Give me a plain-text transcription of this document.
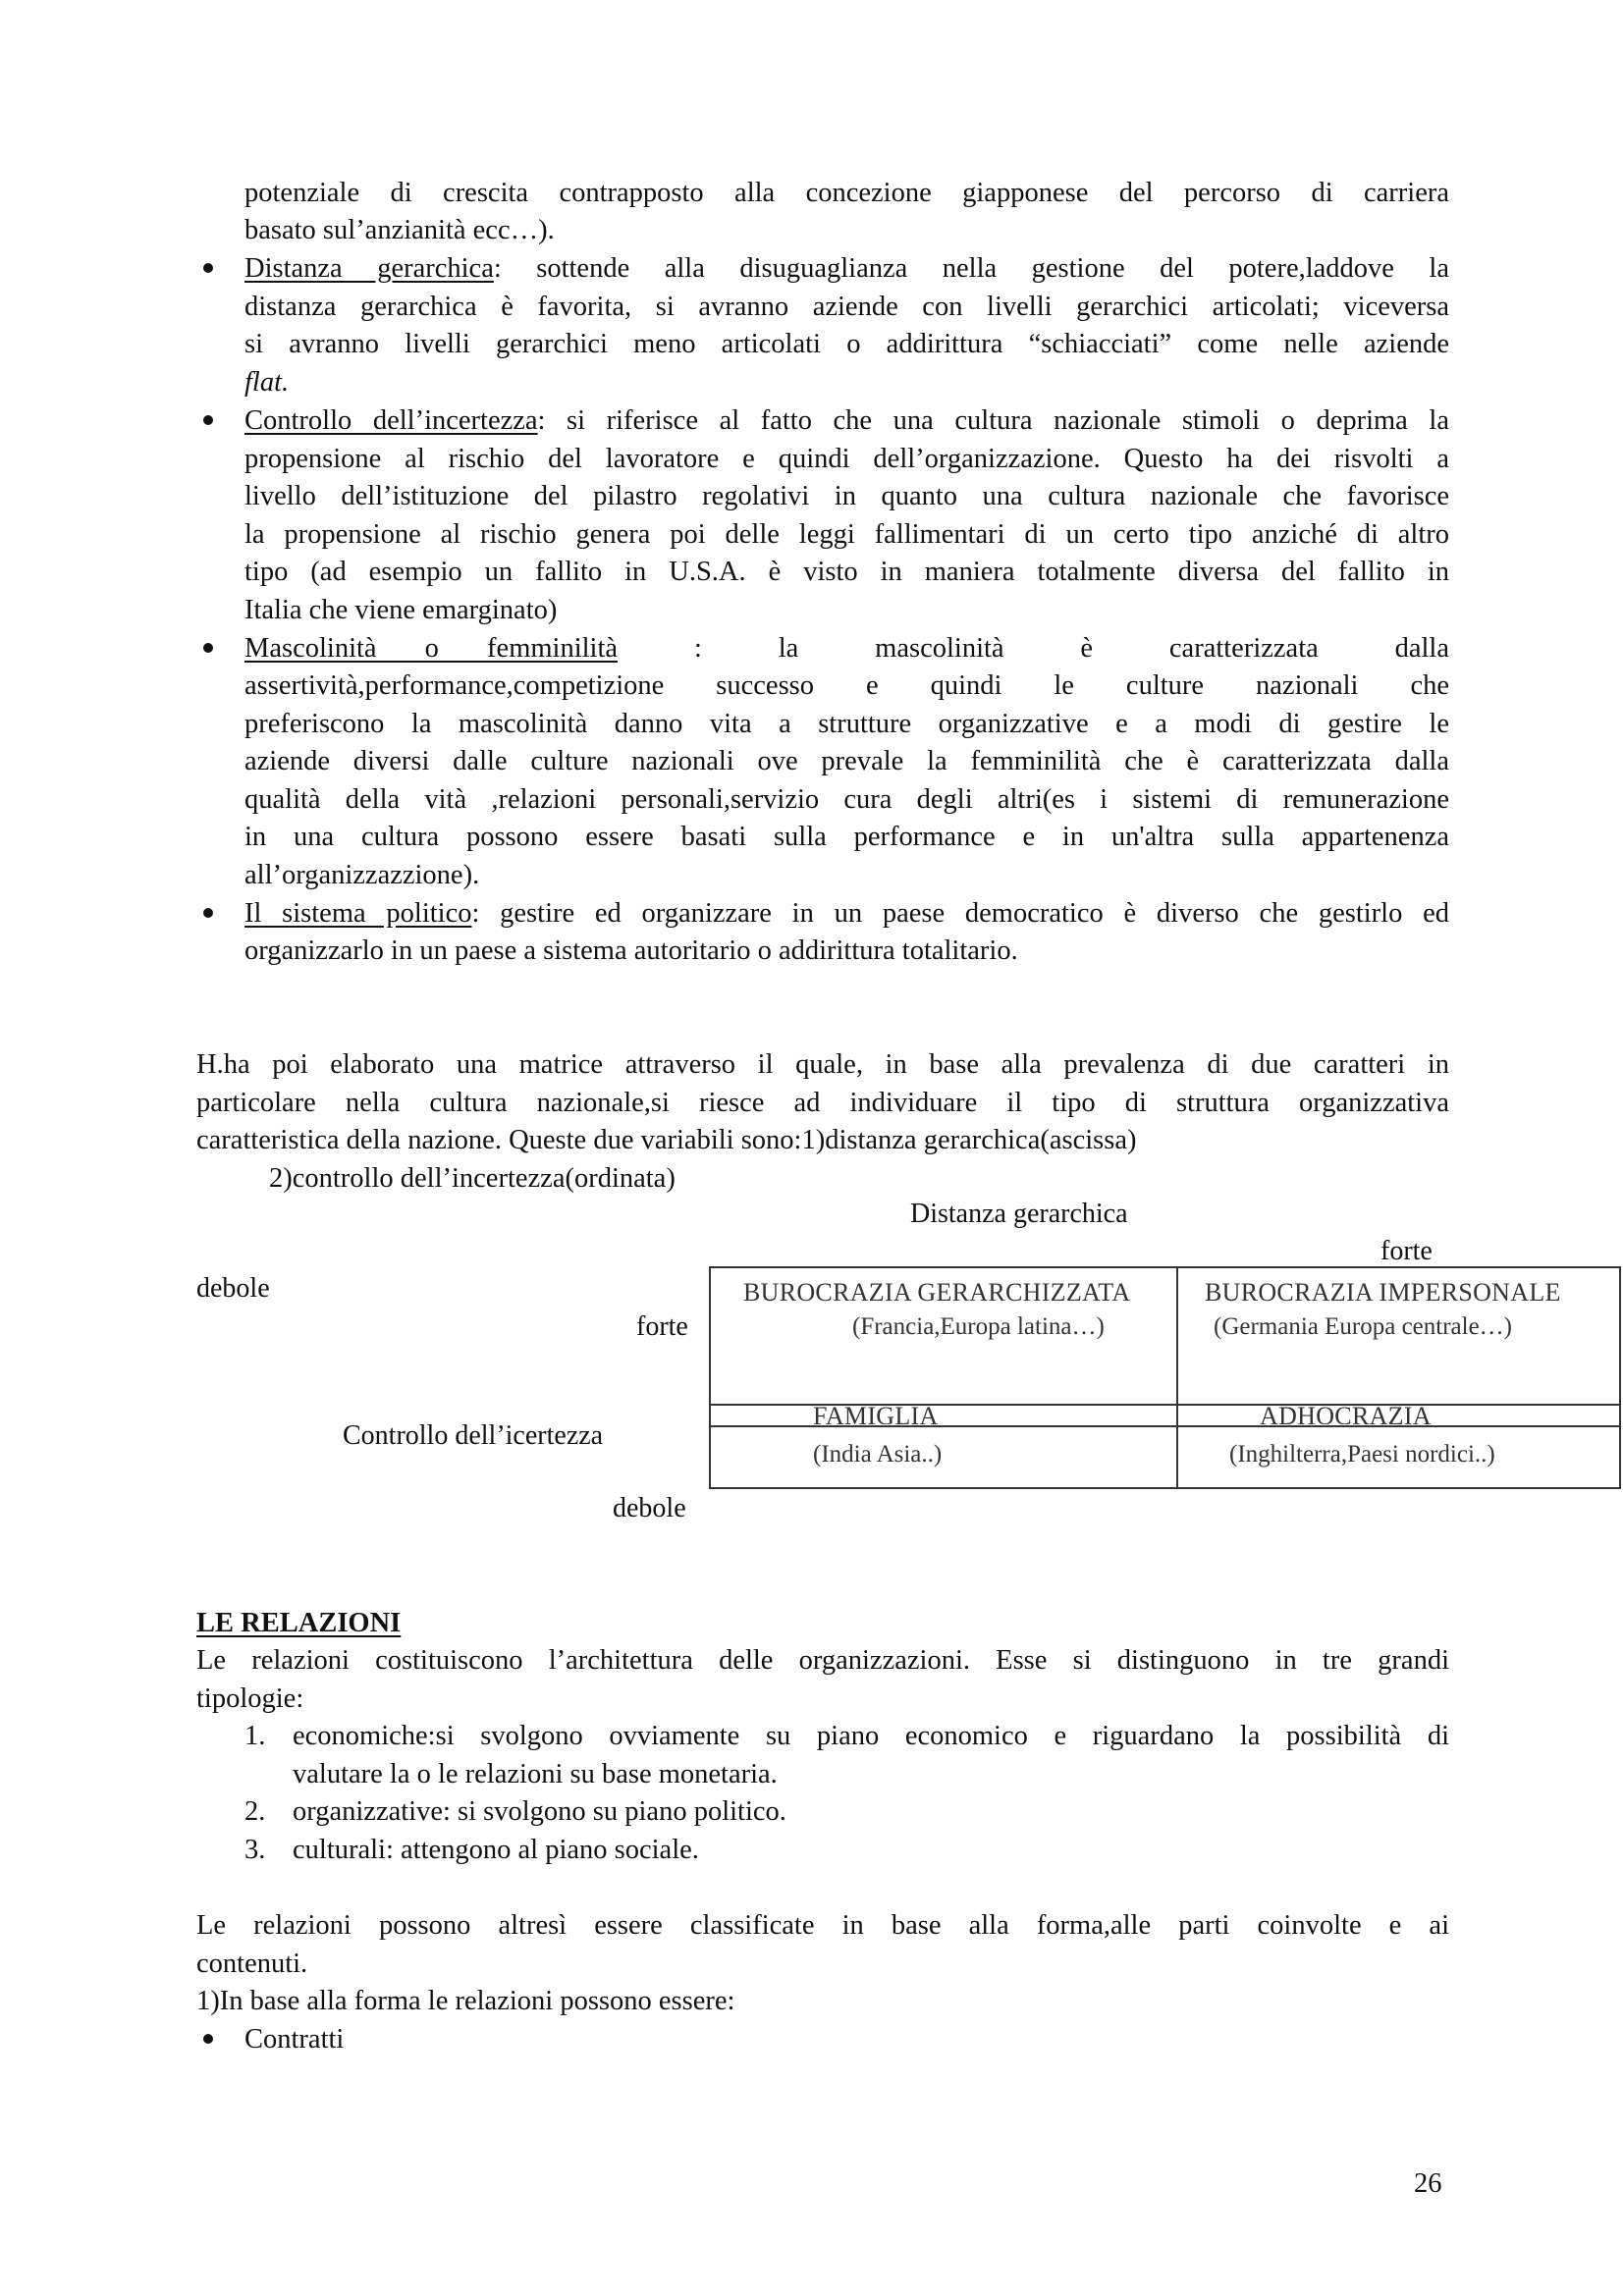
potenziale di crescita contrapposto alla concezione giapponese del percorso di carriera
basato sul’anzianità ecc…).
Distanza gerarchica: sottende alla disuguaglianza nella gestione del potere,laddove la
distanza gerarchica è favorita, si avranno aziende con livelli gerarchici articolati; viceversa
si avranno livelli gerarchici meno articolati o addirittura “schiacciati” come nelle aziende
flat.
Controllo dell’incertezza: si riferisce al fatto che una cultura nazionale stimoli o deprima la
propensione al rischio del lavoratore e quindi dell’organizzazione. Questo ha dei risvolti a
livello dell’istituzione del pilastro regolativi in quanto una cultura nazionale che favorisce
la propensione al rischio genera poi delle leggi fallimentari di un certo tipo anziché di altro
tipo (ad esempio un fallito in U.S.A. è visto in maniera totalmente diversa del fallito in
Italia che viene emarginato)
Mascolinità o femminilità	: la mascolinità è caratterizzata dalla
assertività,performance,competizione successo e quindi le culture nazionali che
preferiscono la mascolinità danno vita a strutture organizzative e a modi di gestire le
aziende diversi dalle culture nazionali ove prevale la femminilità che è caratterizzata dalla
qualità della vità ,relazioni personali,servizio cura degli altri(es i sistemi di remunerazione
in una cultura possono essere basati sulla performance e in un'altra sulla appartenenza
all’organizzazzione).
Il sistema politico: gestire ed organizzare in un paese democratico è diverso che gestirlo ed
organizzarlo in un paese a sistema autoritario o addirittura totalitario.
H.ha poi elaborato una matrice attraverso il quale, in base alla prevalenza di due caratteri in
particolare nella cultura nazionale,si riesce ad individuare il tipo di struttura organizzativa
caratteristica della nazione. Queste due variabili sono:1)distanza gerarchica(ascissa)
2)controllo dell’incertezza(ordinata)
Distanza gerarchica
forte
debole
forte
Controllo dell’icertezza
debole
BUROCRAZIA GERARCHIZZATA
(Francia,Europa latina…)
BUROCRAZIA IMPERSONALE
(Germania Europa centrale…)
FAMIGLIA
(India Asia..)
ADHOCRAZIA
(Inghilterra,Paesi nordici..)
LE RELAZIONI
Le relazioni costituiscono l’architettura delle organizzazioni. Esse si distinguono in tre grandi
tipologie:
1. economiche:si svolgono ovviamente su piano economico e riguardano la possibilità di
valutare la o le relazioni su base monetaria.
2. organizzative: si svolgono su piano politico.
3. culturali: attengono al piano sociale.
Le relazioni possono altresì essere classificate in base alla forma,alle parti coinvolte e ai
contenuti.
1)In base alla forma le relazioni possono essere:
Contratti
26
